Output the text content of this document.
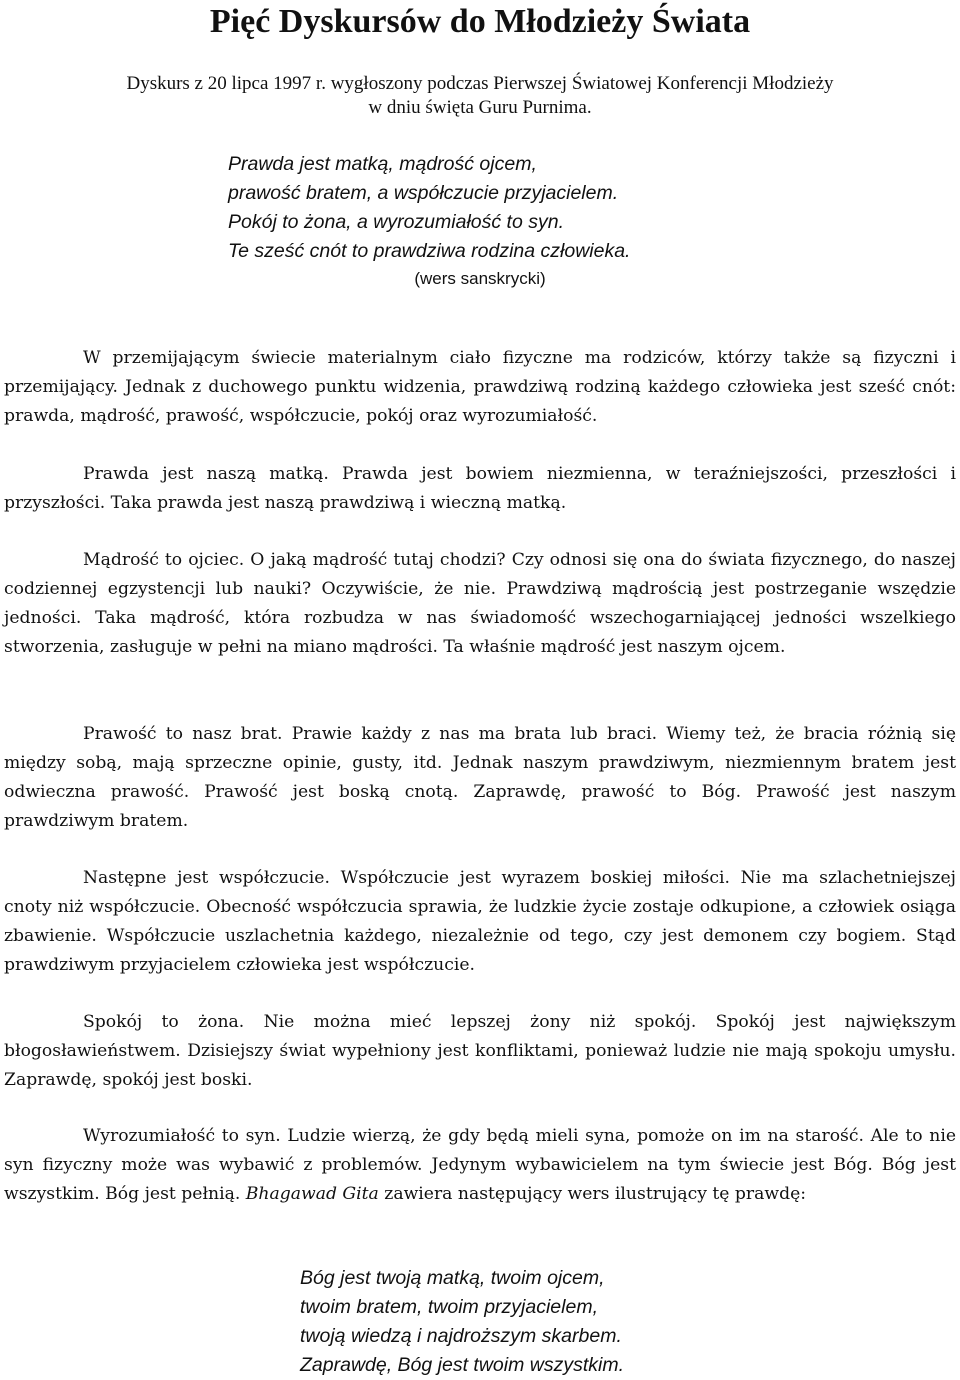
Pięć Dyskursów do Młodzieży Świata
Dyskurs z 20 lipca 1997 r. wygłoszony podczas Pierwszej Światowej Konferencji Młodzieży
w dniu święta Guru Purnima.
Prawda jest matką, mądrość ojcem,
prawość bratem, a współczucie przyjacielem.
Pokój to żona, a wyrozumiałość to syn.
Te sześć cnót to prawdziwa rodzina człowieka.
(wers sanskrycki)

W przemijającym świecie materialnym ciało fizyczne ma rodziców, którzy także są fizyczni i przemijający. Jednak z duchowego punktu widzenia, prawdziwą rodziną każdego człowieka jest sześć cnót: prawda, mądrość, prawość, współczucie, pokój oraz wyrozumiałość.

Prawda jest naszą matką. Prawda jest bowiem niezmienna, w teraźniejszości, przeszłości i przyszłości. Taka prawda jest naszą prawdziwą i wieczną matką.

Mądrość to ojciec. O jaką mądrość tutaj chodzi? Czy odnosi się ona do świata fizycznego, do naszej codziennej egzystencji lub nauki? Oczywiście, że nie. Prawdziwą mądrością jest postrzeganie wszędzie jedności. Taka mądrość, która rozbudza w nas świadomość wszechogarniającej jedności wszelkiego stworzenia, zasługuje w pełni na miano mądrości. Ta właśnie mądrość jest naszym ojcem.

Prawość to nasz brat. Prawie każdy z nas ma brata lub braci. Wiemy też, że bracia różnią się między sobą, mają sprzeczne opinie, gusty, itd. Jednak naszym prawdziwym, niezmiennym bratem jest odwieczna prawość. Prawość jest boską cnotą. Zaprawdę, prawość to Bóg. Prawość jest naszym prawdziwym bratem.

Następne jest współczucie. Współczucie jest wyrazem boskiej miłości. Nie ma szlachetniejszej cnoty niż współczucie. Obecność współczucia sprawia, że ludzkie życie zostaje odkupione, a człowiek osiąga zbawienie. Współczucie uszlachetnia każdego, niezależnie od tego, czy jest demonem czy bogiem. Stąd prawdziwym przyjacielem człowieka jest współczucie.

Spokój to żona. Nie można mieć lepszej żony niż spokój. Spokój jest największym błogosławieństwem. Dzisiejszy świat wypełniony jest konfliktami, ponieważ ludzie nie mają spokoju umysłu. Zaprawdę, spokój jest boski.

Wyrozumiałość to syn. Ludzie wierzą, że gdy będą mieli syna, pomoże on im na starość. Ale to nie syn fizyczny może was wybawić z problemów. Jedynym wybawicielem na tym świecie jest Bóg. Bóg jest wszystkim. Bóg jest pełnią. Bhagawad Gita zawiera następujący wers ilustrujący tę prawdę:

Bóg jest twoją matką, twoim ojcem,
twoim bratem, twoim przyjacielem,
twoją wiedzą i najdroższym skarbem.
Zaprawdę, Bóg jest twoim wszystkim.
